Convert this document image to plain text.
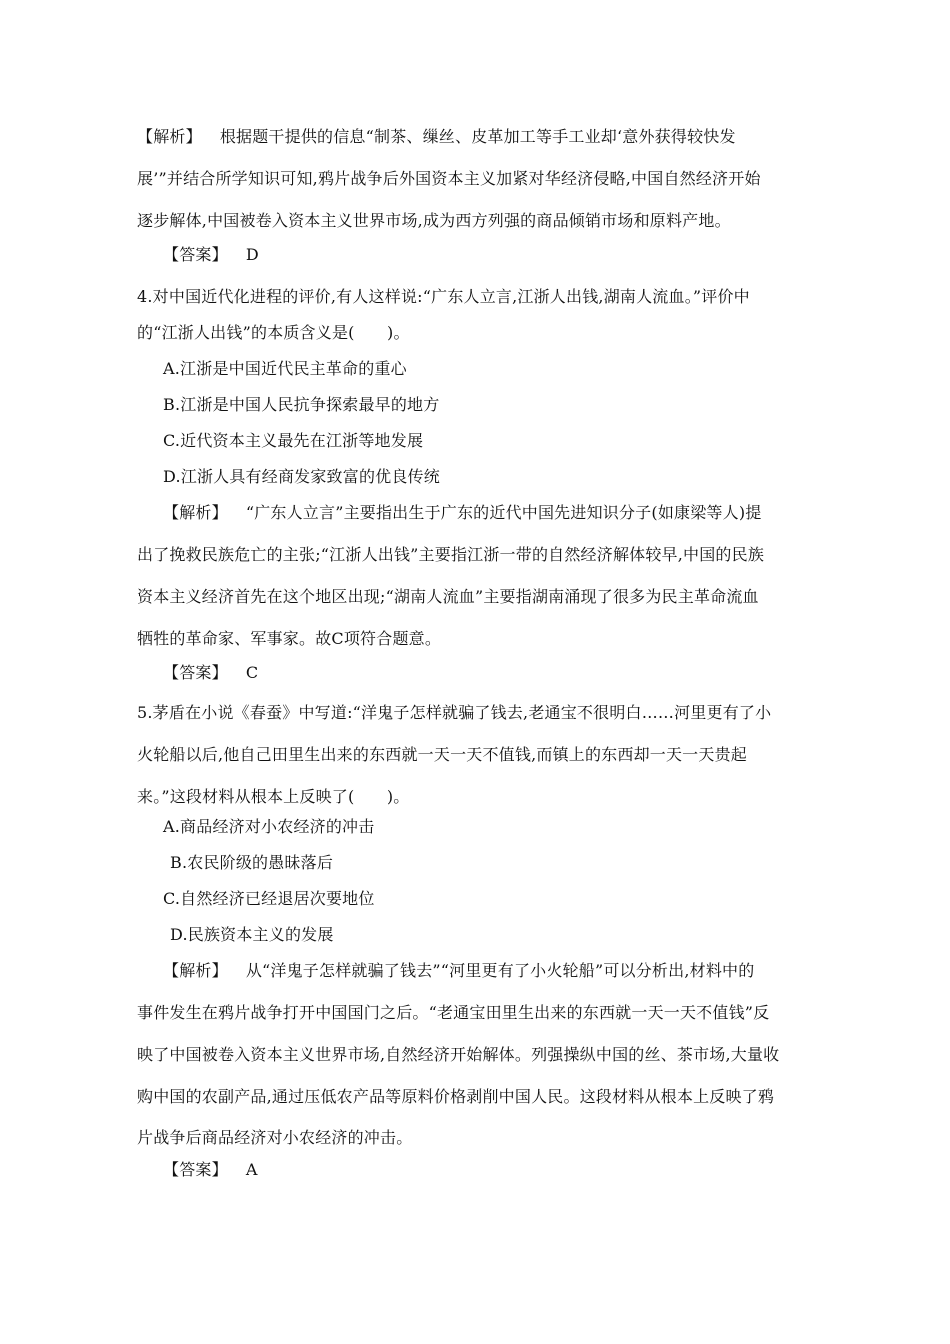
【解析】 根据题干提供的信息“制茶、缫丝、皮革加工等手工业却‘意外获得较快发
展’”并结合所学知识可知,鸦片战争后外国资本主义加紧对华经济侵略,中国自然经济开始
逐步解体,中国被卷入资本主义世界市场,成为西方列强的商品倾销市场和原料产地。
【答案】 D
4.对中国近代化进程的评价,有人这样说:“广东人立言,江浙人出钱,湖南人流血。”评价中
的“江浙人出钱”的本质含义是(　　)。
A.江浙是中国近代民主革命的重心
B.江浙是中国人民抗争探索最早的地方
C.近代资本主义最先在江浙等地发展
D.江浙人具有经商发家致富的优良传统
【解析】 “广东人立言”主要指出生于广东的近代中国先进知识分子(如康梁等人)提
出了挽救民族危亡的主张;“江浙人出钱”主要指江浙一带的自然经济解体较早,中国的民族
资本主义经济首先在这个地区出现;“湖南人流血”主要指湖南涌现了很多为民主革命流血
牺牲的革命家、军事家。故C项符合题意。
【答案】 C
5.茅盾在小说《春蚕》中写道:“洋鬼子怎样就骗了钱去,老通宝不很明白……河里更有了小
火轮船以后,他自己田里生出来的东西就一天一天不值钱,而镇上的东西却一天一天贵起
来。”这段材料从根本上反映了(　　)。
A.商品经济对小农经济的冲击
B.农民阶级的愚昧落后
C.自然经济已经退居次要地位
D.民族资本主义的发展
【解析】 从“洋鬼子怎样就骗了钱去”“河里更有了小火轮船”可以分析出,材料中的
事件发生在鸦片战争打开中国国门之后。“老通宝田里生出来的东西就一天一天不值钱”反
映了中国被卷入资本主义世界市场,自然经济开始解体。列强操纵中国的丝、茶市场,大量收
购中国的农副产品,通过压低农产品等原料价格剥削中国人民。这段材料从根本上反映了鸦
片战争后商品经济对小农经济的冲击。
【答案】 A
